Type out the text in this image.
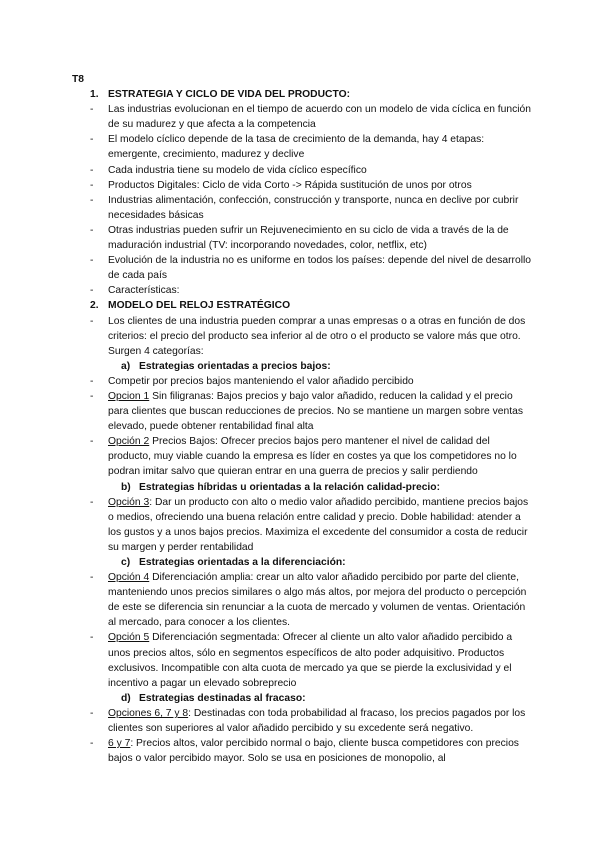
T8
1. ESTRATEGIA Y CICLO DE VIDA DEL PRODUCTO:
-	Las industrias evolucionan en el tiempo de acuerdo con un modelo de vida cíclica en función de su madurez y que afecta a la competencia
-	El modelo cíclico depende de la tasa de crecimiento de la demanda, hay 4 etapas: emergente, crecimiento, madurez y declive
-	Cada industria tiene su modelo de vida cíclico específico
-	Productos Digitales: Ciclo de vida Corto -> Rápida sustitución de unos por otros
-	Industrias alimentación, confección, construcción y transporte, nunca en declive por cubrir necesidades básicas
-	Otras industrias pueden sufrir un Rejuvenecimiento en su ciclo de vida a través de la de maduración industrial (TV: incorporando novedades, color, netflix, etc)
-	Evolución de la industria no es uniforme en todos los países: depende del nivel de desarrollo de cada país
-	Características:
2. MODELO DEL RELOJ ESTRATÉGICO
-	Los clientes de una industria pueden comprar a unas empresas o a otras en función de dos criterios: el precio del producto sea inferior al de otro o el producto se valore más que otro. Surgen 4 categorías:
a) Estrategias orientadas a precios bajos:
-	Competir por precios bajos manteniendo el valor añadido percibido
-	Opcion 1 Sin filigranas: Bajos precios y bajo valor añadido, reducen la calidad y el precio para clientes que buscan reducciones de precios. No se mantiene un margen sobre ventas elevado, puede obtener rentabilidad final alta
-	Opción 2 Precios Bajos: Ofrecer precios bajos pero mantener el nivel de calidad del producto, muy viable cuando la empresa es líder en costes ya que los competidores no lo podran imitar salvo que quieran entrar en una guerra de precios y salir perdiendo
b) Estrategias híbridas u orientadas a la relación calidad-precio:
-	Opción 3: Dar un producto con alto o medio valor añadido percibido, mantiene precios bajos o medios, ofreciendo una buena relación entre calidad y precio. Doble habilidad: atender a los gustos y a unos bajos precios. Maximiza el excedente del consumidor a costa de reducir su margen y perder rentabilidad
c) Estrategias orientadas a la diferenciación:
-	Opción 4 Diferenciación amplia: crear un alto valor añadido percibido por parte del cliente, manteniendo unos precios similares o algo más altos, por mejora del producto o percepción de este se diferencia sin renunciar a la cuota de mercado y volumen de ventas. Orientación al mercado, para conocer a los clientes.
-	Opción 5 Diferenciación segmentada: Ofrecer al cliente un alto valor añadido percibido a unos precios altos, sólo en segmentos específicos de alto poder adquisitivo. Productos exclusivos. Incompatible con alta cuota de mercado ya que se pierde la exclusividad y el incentivo a pagar un elevado sobreprecio
d) Estrategias destinadas al fracaso:
-	Opciones 6, 7 y 8: Destinadas con toda probabilidad al fracaso, los precios pagados por los clientes son superiores al valor añadido percibido y su excedente será negativo.
-	6 y 7: Precios altos, valor percibido normal o bajo, cliente busca competidores con precios bajos o valor percibido mayor. Solo se usa en posiciones de monopolio, al
